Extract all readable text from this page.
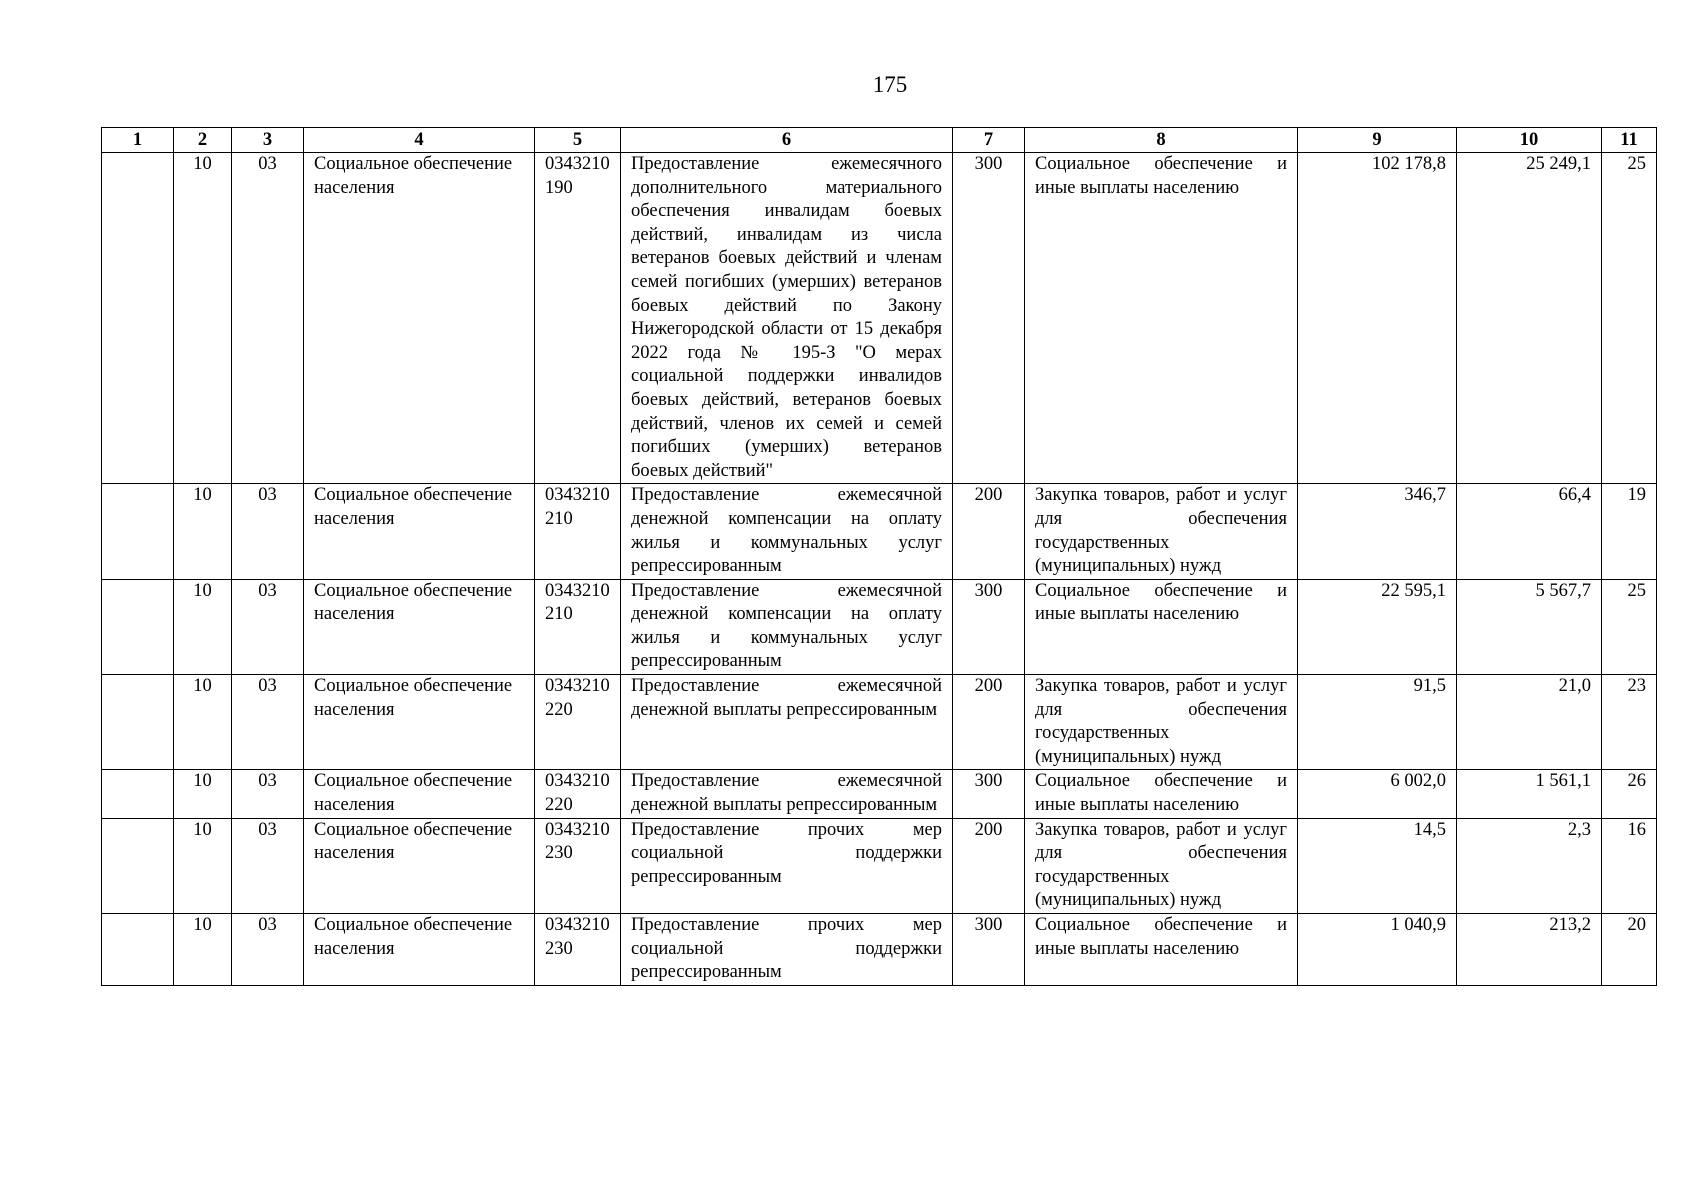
175
1	2	3	4	5	6	7	8	9	10	11
	10	03	Социальное обеспечение населения	0343210190	Предоставление ежемесячного дополнительного материального обеспечения инвалидам боевых действий, инвалидам из числа ветеранов боевых действий и членам семей погибших (умерших) ветеранов боевых действий по Закону Нижегородской области от 15 декабря 2022 года № 195-З "О мерах социальной поддержки инвалидов боевых действий, ветеранов боевых действий, членов их семей и семей погибших (умерших) ветеранов боевых действий"	300	Социальное обеспечение и иные выплаты населению	102 178,8	25 249,1	25
	10	03	Социальное обеспечение населения	0343210210	Предоставление ежемесячной денежной компенсации на оплату жилья и коммунальных услуг репрессированным	200	Закупка товаров, работ и услуг для обеспечения государственных (муниципальных) нужд	346,7	66,4	19
	10	03	Социальное обеспечение населения	0343210210	Предоставление ежемесячной денежной компенсации на оплату жилья и коммунальных услуг репрессированным	300	Социальное обеспечение и иные выплаты населению	22 595,1	5 567,7	25
	10	03	Социальное обеспечение населения	0343210220	Предоставление ежемесячной денежной выплаты репрессированным	200	Закупка товаров, работ и услуг для обеспечения государственных (муниципальных) нужд	91,5	21,0	23
	10	03	Социальное обеспечение населения	0343210220	Предоставление ежемесячной денежной выплаты репрессированным	300	Социальное обеспечение и иные выплаты населению	6 002,0	1 561,1	26
	10	03	Социальное обеспечение населения	0343210230	Предоставление прочих мер социальной поддержки репрессированным	200	Закупка товаров, работ и услуг для обеспечения государственных (муниципальных) нужд	14,5	2,3	16
	10	03	Социальное обеспечение населения	0343210230	Предоставление прочих мер социальной поддержки репрессированным	300	Социальное обеспечение и иные выплаты населению	1 040,9	213,2	20
